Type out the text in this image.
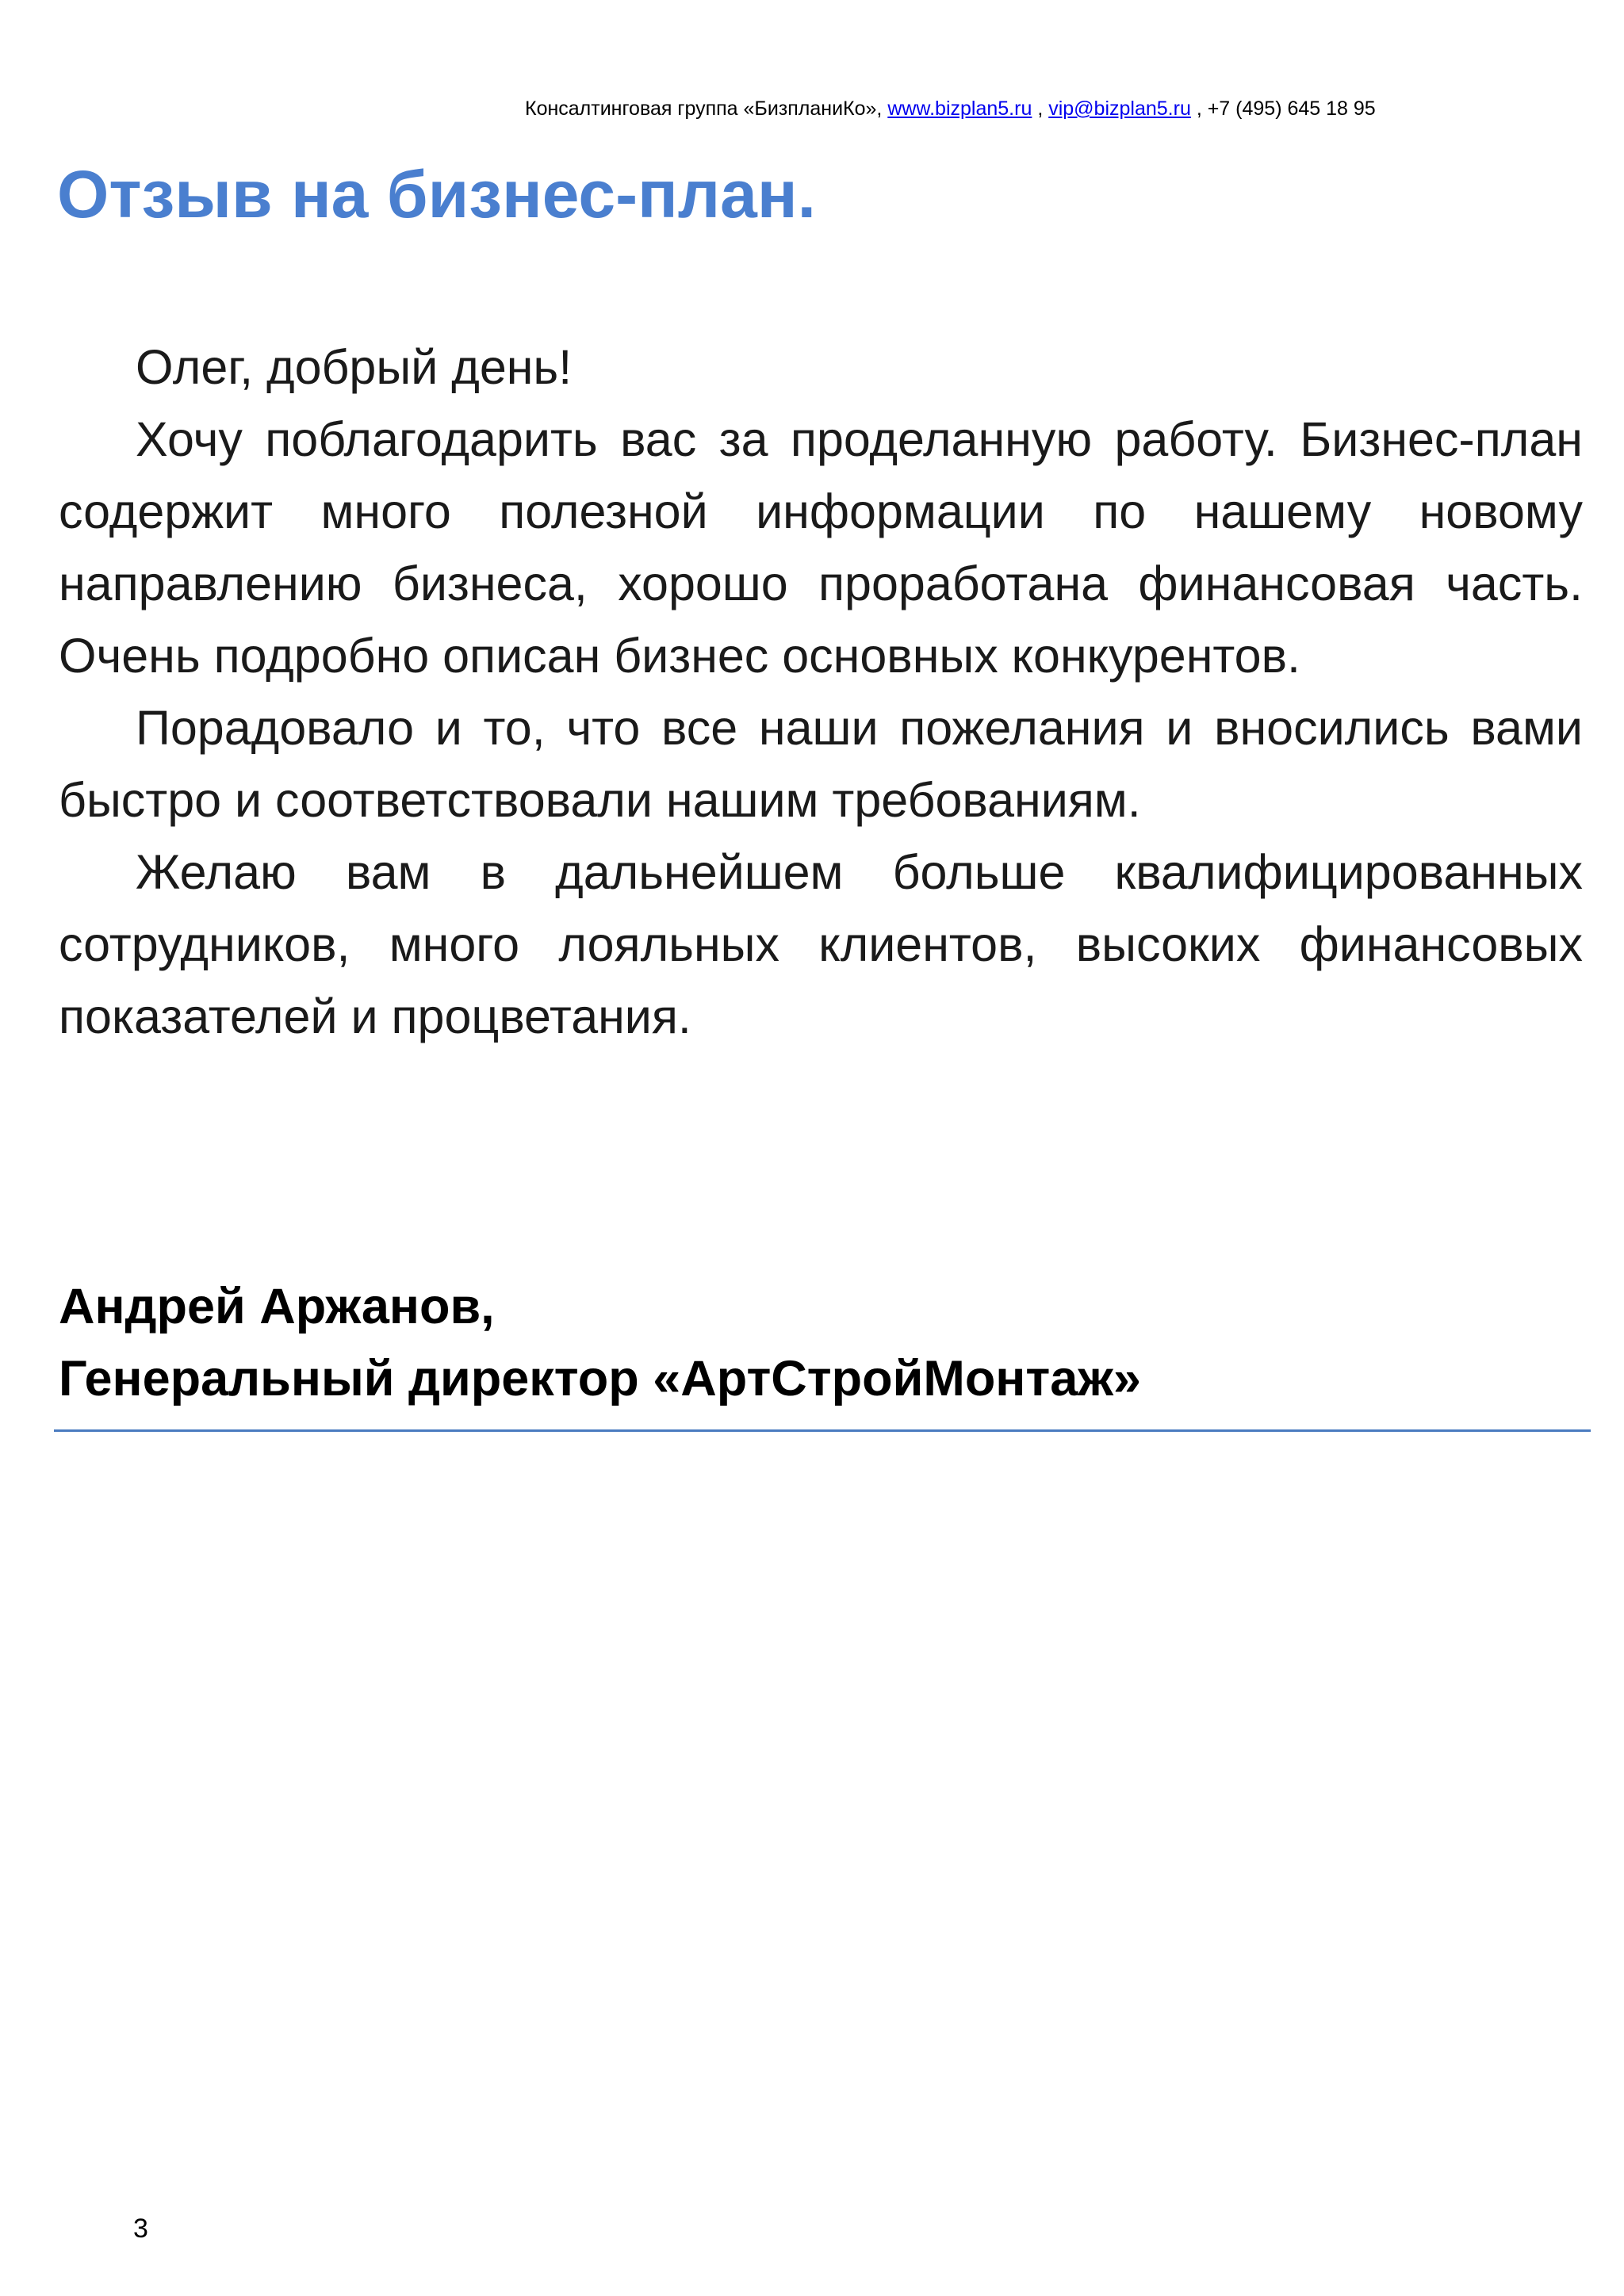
Консалтинговая группа «БизпланиКо», www.bizplan5.ru , vip@bizplan5.ru , +7 (495) 645 18 95
Отзыв на бизнес-план.

Олег, добрый день!

Хочу поблагодарить вас за проделанную работу. Бизнес-план содержит много полезной информации по нашему новому направлению бизнеса, хорошо проработана финансовая часть. Очень подробно описан бизнес основных конкурентов.

Порадовало и то, что все наши пожелания и вносились вами быстро и соответствовали нашим требованиям.

Желаю вам в дальнейшем больше квалифицированных сотрудников, много лояльных клиентов, высоких финансовых показателей и процветания.

Андрей Аржанов,
Генеральный директор «АртСтройМонтаж»
3
